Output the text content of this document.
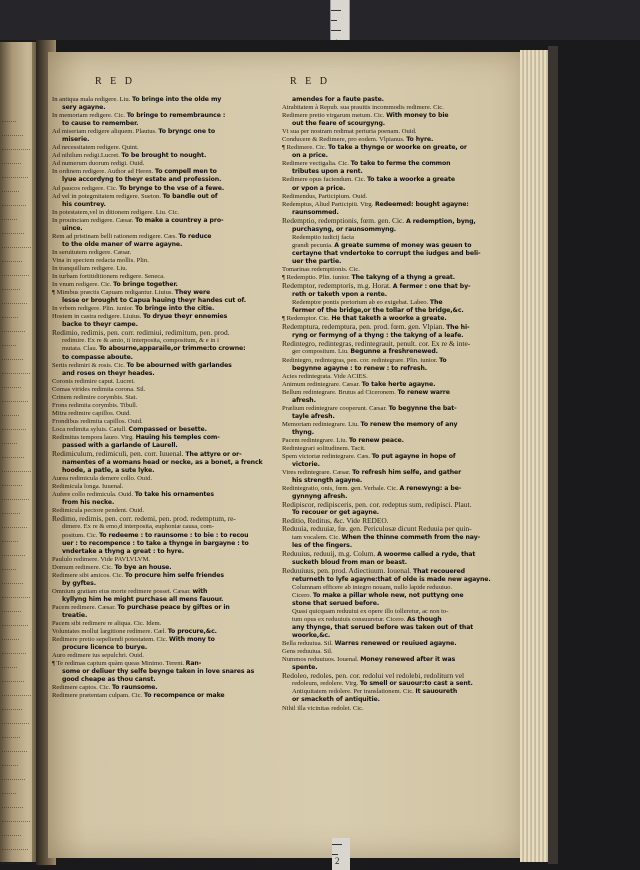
R E D	R E D
In antiqua mala redigere. Liu. To bringe into the olde my
sery agayne.
In memoriam redigere. Cic. To bringe to remembraunce :
to cause to remember.
Ad miseriam redigere aliquem. Plautus. To bryngc one to
miserie.
Ad necessitatem redigere. Quint.
Ad nihilum redigi.Lucret. To be brought to nought.
Ad numerum duorum redigi. Ouid.
In ordinem redigere. Author ad Heren. To compell men to
lyue accordyng to theyr estate and profession.
Ad paucos redigere. Cic. To brynge to the vse of a fewe.
Ad vel in potegmitatem redigere. Sueton. To bandle out of
his countrey.
In potestatem,vel in ditionem redigere. Liu. Cic.
In prouinciam redigere. Cæsar. To make a countrey a pro-
uince.
Rem ad pristinam belli rationem redigere. Cæs. To reduce
to the olde maner of warre agayne.
In seruitutem redigere. Cæsar.
Vina in speciem redacta mollis. Plin.
In tranquillum redigere. Liu.
In turbam fortitiditionem redigere. Seneca.
In vnum redigere. Cic. To bringe together.
¶ Mimbus præctis Capuam redigantur. Liuius. They were
lesse or brought to Capua hauing theyr handes cut of.
In vrbem redigere. Plin. iunior. To bringe into the citie.
Hostem in castra redigere. Liuius. To dryue theyr ennemies
backe to theyr campe.
Redimio, redimis, pen. corr. redimiui, redimitum, pen. prod.
redimire. Ex re & amio, ii interposita, compositum, & e in i
mutata. Clau. To abourne,apparaile,or trimme:to crowne:
to compasse aboute.
Sertis redimiri & rosis. Cic. To be abourned with garlandes
and roses on theyr heades.
Coronis redimire caput. Lucret.
Comas virides redimita corona. Sil.
Crinem redimire corymbis. Stat.
Frons redimita corymbis. Tibull.
Mitra redimire capillos. Ouid.
Frondibus redimita capillos. Ouid.
Loca redimita syluis. Catull. Compassed or besette.
Redimitus tempora lauro. Virg. Hauing his temples com-
passed with a garlande of Laurell.
Redimiculum, redimiculi, pen. corr. Iuuenal. The attyre or or-
namentes of a womans head or necke, as a bonet, a frenck
hoode, a patle, a sute lyke.
Aurea redimicula demere collo. Ouid.
Redimicula longa. Iuuenal.
Aufere collo redimicula. Ouid. To take his ornamentes
from his necke.
Redimicula pectore pendent. Ouid.
Redimo, redimis, pen. corr. redemi, pen. prod. redemptum, re-
dimere. Ex re & emo,d interposita, euphoniæ causa, com-
positum. Cic. To redeeme : to raunsome : to bie : to recou
uer : to recompence : to take a thynge in bargayne : to
vndertake a thyng a great : to hyre.
Paululo redimere. Vide PAVLVLVM.
Domum redimere. Cic. To bye an house.
Redimere sibi amicos. Cic. To procure him selfe friendes
by gyftes.
Omnium gratiam eius morte redimere posset. Cæsar. with
kyllyng him he might purchase all mens fauour.
Pacem redimere. Cæsar. To purchase peace by giftes or in
treatie.
Pacem sibi redimere re aliqua. Cic. Idem.
Voluntates mollui largitione redimere. Cæl. To procure,&c.
Redimere pretio sepeliendi potestatem. Cic. With mony to
procure licence to burye.
Auro redimere ius sepulchri. Ouid.
¶ Te redimas captum quàm queas Minimo. Terent. Ran-
some or deliuer thy selfe beynge taken in love snares as
good cheape as thou canst.
Redimere captos. Cic. To raunsome.
Redimere prætentam culpam. Cic. To recompence or make
amendes for a faute paste.
Atrabitatem à Repub. sua prauitis incommodis redimere. Cic.
Redimere pretio virgarum metum. Cic. With money to bie
out the feare of scourgyng.
Vt sua per nostram redimat periuria poenam. Ouid.
Conducere & Redimere, pro eodem. Vlpianus. To hyre.
¶ Redimere. Cic. To take a thynge or woorke on greate, or
on a price.
Redimere vectigalia. Cic. To take to ferme the common
tributes upon a rent.
Redimere opus faciendum. Cic. To take a woorke a greate
or vpon a price.
Redimendus, Participium. Ouid.
Redemptus, Aliud Participiü. Virg. Redeemed: bought agayne:
raunsommed.
Redemptio, redemptionis, fœm. gen. Cic. A redemption, byng,
purchasyng, or raunsommyng.
Redemptio iudicij facta
grandi pecunia. A greate summe of money was geuen to
certayne that vndertoke to corrupt the iudges and beli-
uer the partie.
Tomarinas redemptionis. Cic.
¶ Redemptio. Plin. iunior. The takyng of a thyng a great.
Redemptor, redemptoris, m.g. Horat. A fermer : one that by-
reth or taketh vpon a rente.
Redemptor pontis portorium ab eo exigebat. Labeo. The
fermer of the bridge,or the tollar of the bridge,&c.
¶ Redemptor. Cic. He that taketh a woorke a greate.
Redemptura, redemptura, pen. prod. fœm. gen. Vlpian. The hi-
ryng or fermyng of a thyng : the takyng of a leafe.
Redintegro, redintegras, redintegrauit, penult. cor. Ex re & inte-
ger compositum. Liu. Begunne a freshrenewed.
Redintegro, redintegras, pen. cor. redintegrare. Plin. iunior. To
begynne agayne : to renew : to refresh.
Acies redintegrata. Vide ACIES.
Animum redintegrare. Cæsar. To take herte agayne.
Bellum redintegrare. Brutus ad Ciceronem. To renew warre
afresh.
Prælium redintegrare cooperunt. Cæsar. To begynne the bat-
tayle afresh.
Memoriam redintegrare. Liu. To renew the memory of any
thyng.
Pacem redintegrare. Liu. To renew peace.
Redintegrari solitudinem. Tacit.
Spem victoriæ redintegrare. Cæs. To put agayne in hope of
victorie.
Vires redintegrare. Cæsar. To refresh him selfe, and gather
his strength agayne.
Redintegratio, onis, fœm. gen. Verbale. Cic. A renewyng: a be-
gynnyng afresh.
Redipiscor, redipisceris, pen. cor. redeptus sum, redipisci. Plaut.
To recouer or get agayne.
Reditio, Reditus, &c. Vide REDEO.
Reduuia, reduuiæ, fœ. gen. Periculosæ dicunt Reduuia per quin-
tam vocalem. Cic. When the thinne commeth from the nay-
les of the fingers.
Reduuius, reduuij, m.g. Colum. A woorme called a ryde, that
sucketh bloud from man or beast.
Reduuiuus, pen. prod. Adiectiuum. Iouenal. That recouered
returneth to lyfe agayne:that of olde is made new agayne.
Columnam efficere ab integro nouam, nullo lapide reduuiuo.
Cicero. To make a pillar whole new, not puttyng one
stone that serued before.
Quasi quicquam reduuiui ex opere illo tolleretur, ac non to-
tum opus ex reduuiuis consuuretur. Cicero. As though
any thynge, that serued before was taken out of that
woorke,&c.
Bella reduuiua. Sil. Warres renewed or reuiued agayne.
Gens reduuiua. Sil.
Nummos reduuiuos. Iouenal. Money renewed after it was
spente.
Redoleo, redoles, pen. cor. redolui vel redolebi, redoliturn vel
redoleum, redolere. Virg. To smell or sauour:to cast a sent.
Antiquitatem redolere. Per translationem. Cic. It sauoureth
or smacketh of antiquitie.
Nihil illa vicinitas redolet. Cic.
2
